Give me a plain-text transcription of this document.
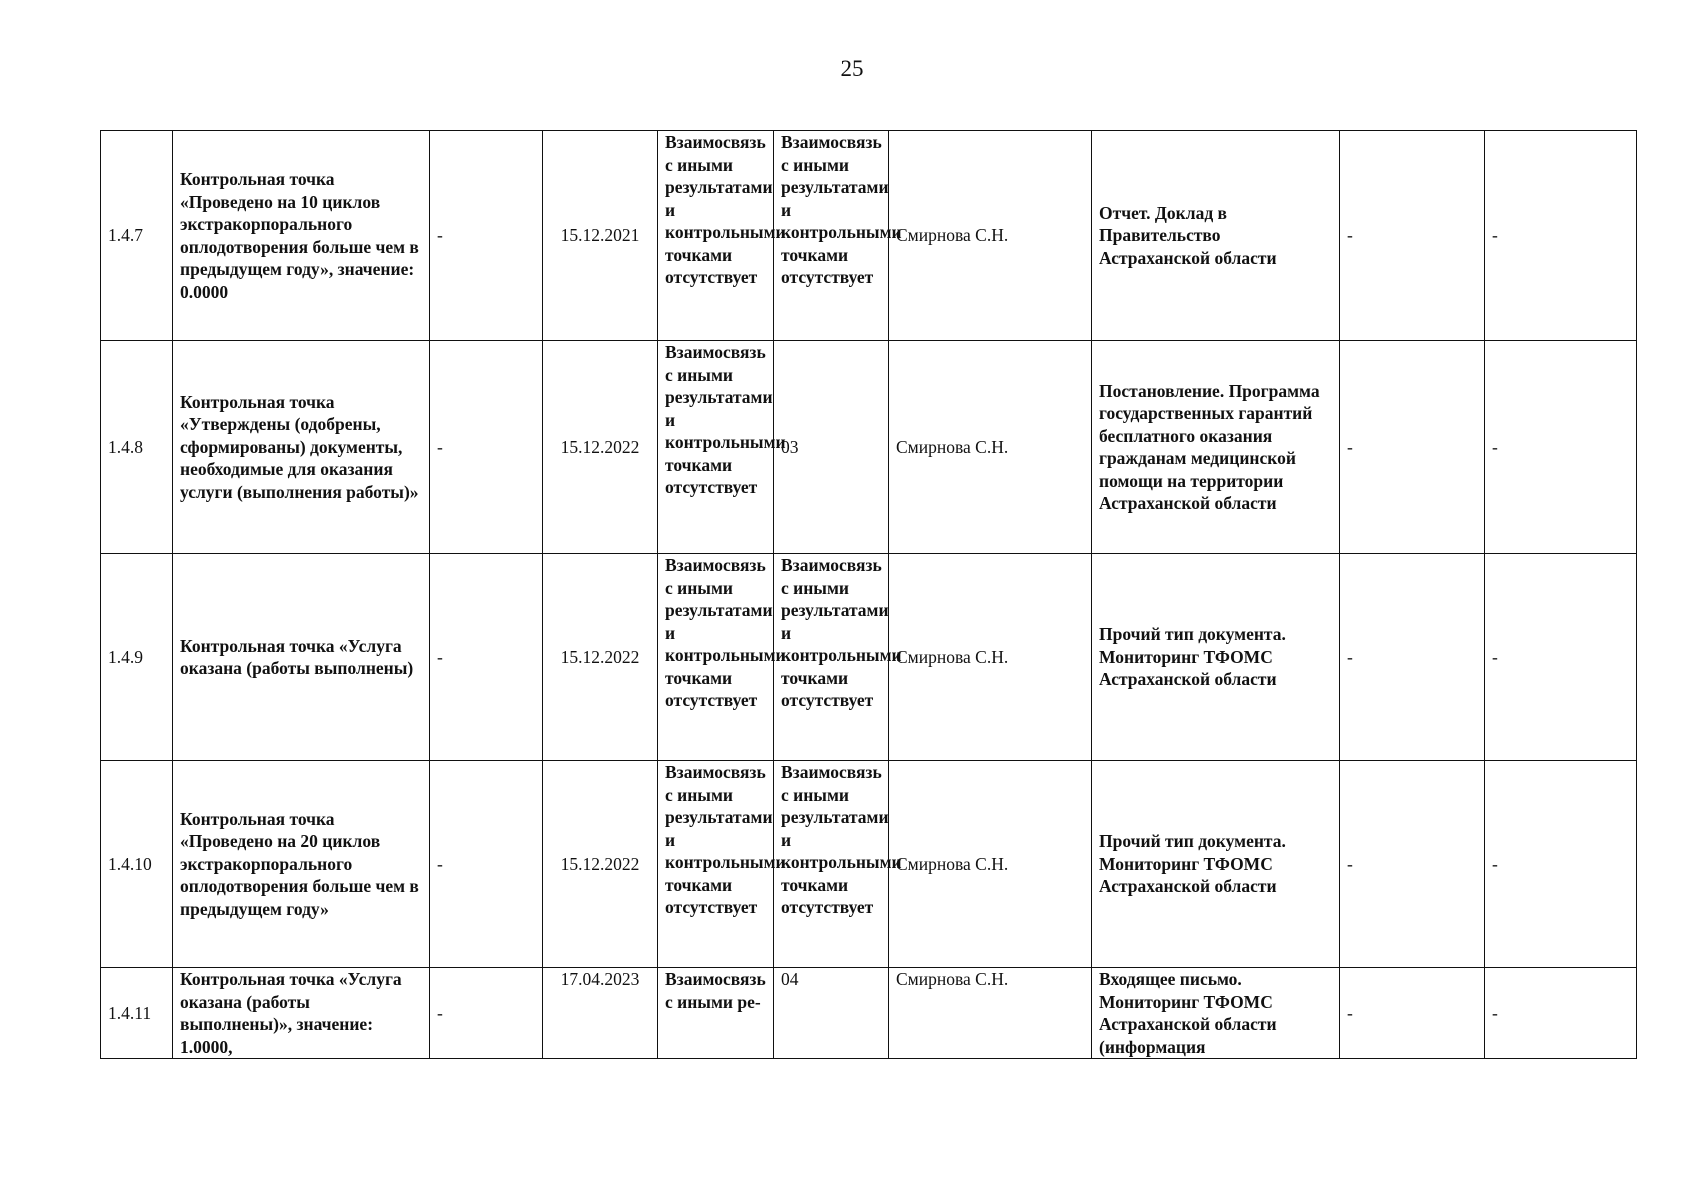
25
1.4.7	Контрольная точка «Проведено на 10 циклов экстракорпорального оплодотворения больше чем в предыдущем году», значение: 0.0000	-	15.12.2021	Взаимосвязь с иными результатами и контрольными точками отсутствует	Взаимосвязь с иными результатами и контрольными точками отсутствует	Смирнова С.Н.	Отчет. Доклад в Правительство Астраханской области	-	-
1.4.8	Контрольная точка «Утверждены (одобрены, сформированы) документы, необходимые для оказания услуги (выполнения работы)»	-	15.12.2022	Взаимосвязь с иными результатами и контрольными точками отсутствует	03	Смирнова С.Н.	Постановление. Программа государственных гарантий бесплатного оказания гражданам медицинской помощи на территории Астраханской области	-	-
1.4.9	Контрольная точка «Услуга оказана (работы выполнены)	-	15.12.2022	Взаимосвязь с иными результатами и контрольными точками отсутствует	Взаимосвязь с иными результатами и контрольными точками отсутствует	Смирнова С.Н.	Прочий тип документа. Мониторинг ТФОМС Астраханской области	-	-
1.4.10	Контрольная точка «Проведено на 20 циклов экстракорпорального оплодотворения больше чем в предыдущем году»	-	15.12.2022	Взаимосвязь с иными результатами и контрольными точками отсутствует	Взаимосвязь с иными результатами и контрольными точками отсутствует	Смирнова С.Н.	Прочий тип документа. Мониторинг ТФОМС Астраханской области	-	-
1.4.11	Контрольная точка «Услуга оказана (работы выполнены)», значение: 1.0000,	-	17.04.2023	Взаимосвязь с иными ре-	04	Смирнова С.Н.	Входящее письмо. Мониторинг ТФОМС Астраханской области (информация	-	-
